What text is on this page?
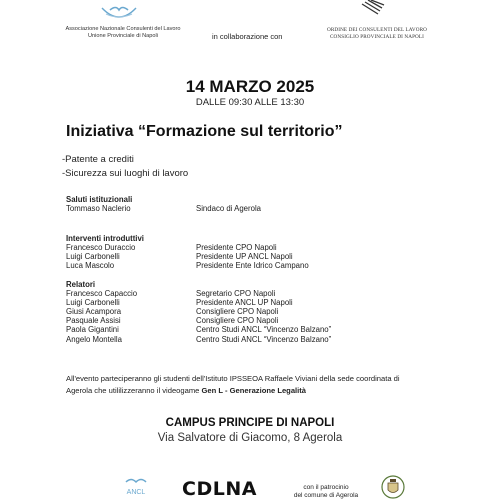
Associazione Nazionale Consulenti del Lavoro
Unione Provinciale di Napoli	in collaborazione con
ORDINE DEI CONSULENTI DEL LAVORO
CONSIGLIO PROVINCIALE DI NAPOLI
14 MARZO 2025
DALLE 09:30 ALLE 13:30
Iniziativa “Formazione sul territorio”
-Patente a crediti
-Sicurezza sui luoghi di lavoro
Saluti istituzionali
Tommaso Naclerio	Sindaco di Agerola
Interventi introduttivi
Francesco Duraccio	Presidente CPO Napoli
Luigi Carbonelli	Presidente UP ANCL Napoli
Luca Mascolo	Presidente Ente Idrico Campano
Relatori
Francesco Capaccio	Segretario CPO Napoli
Luigi Carbonelli	Presidente ANCL UP Napoli
Giusi Acampora	Consigliere CPO Napoli
Pasquale Assisi	Consigliere CPO Napoli
Paola Gigantini	Centro Studi ANCL “Vincenzo Balzano”
Angelo Montella	Centro Studi ANCL “Vincenzo Balzano”
All'evento parteciperanno gli studenti dell'Istituto IPSSEOA Raffaele Viviani della sede coordinata di Agerola che utililizzeranno il videogame Gen L - Generazione Legalità
CAMPUS PRINCIPE DI NAPOLI
Via Salvatore di Giacomo, 8 Agerola
ANCL CDLNA	con il patrocinio
del comune di Agerola
